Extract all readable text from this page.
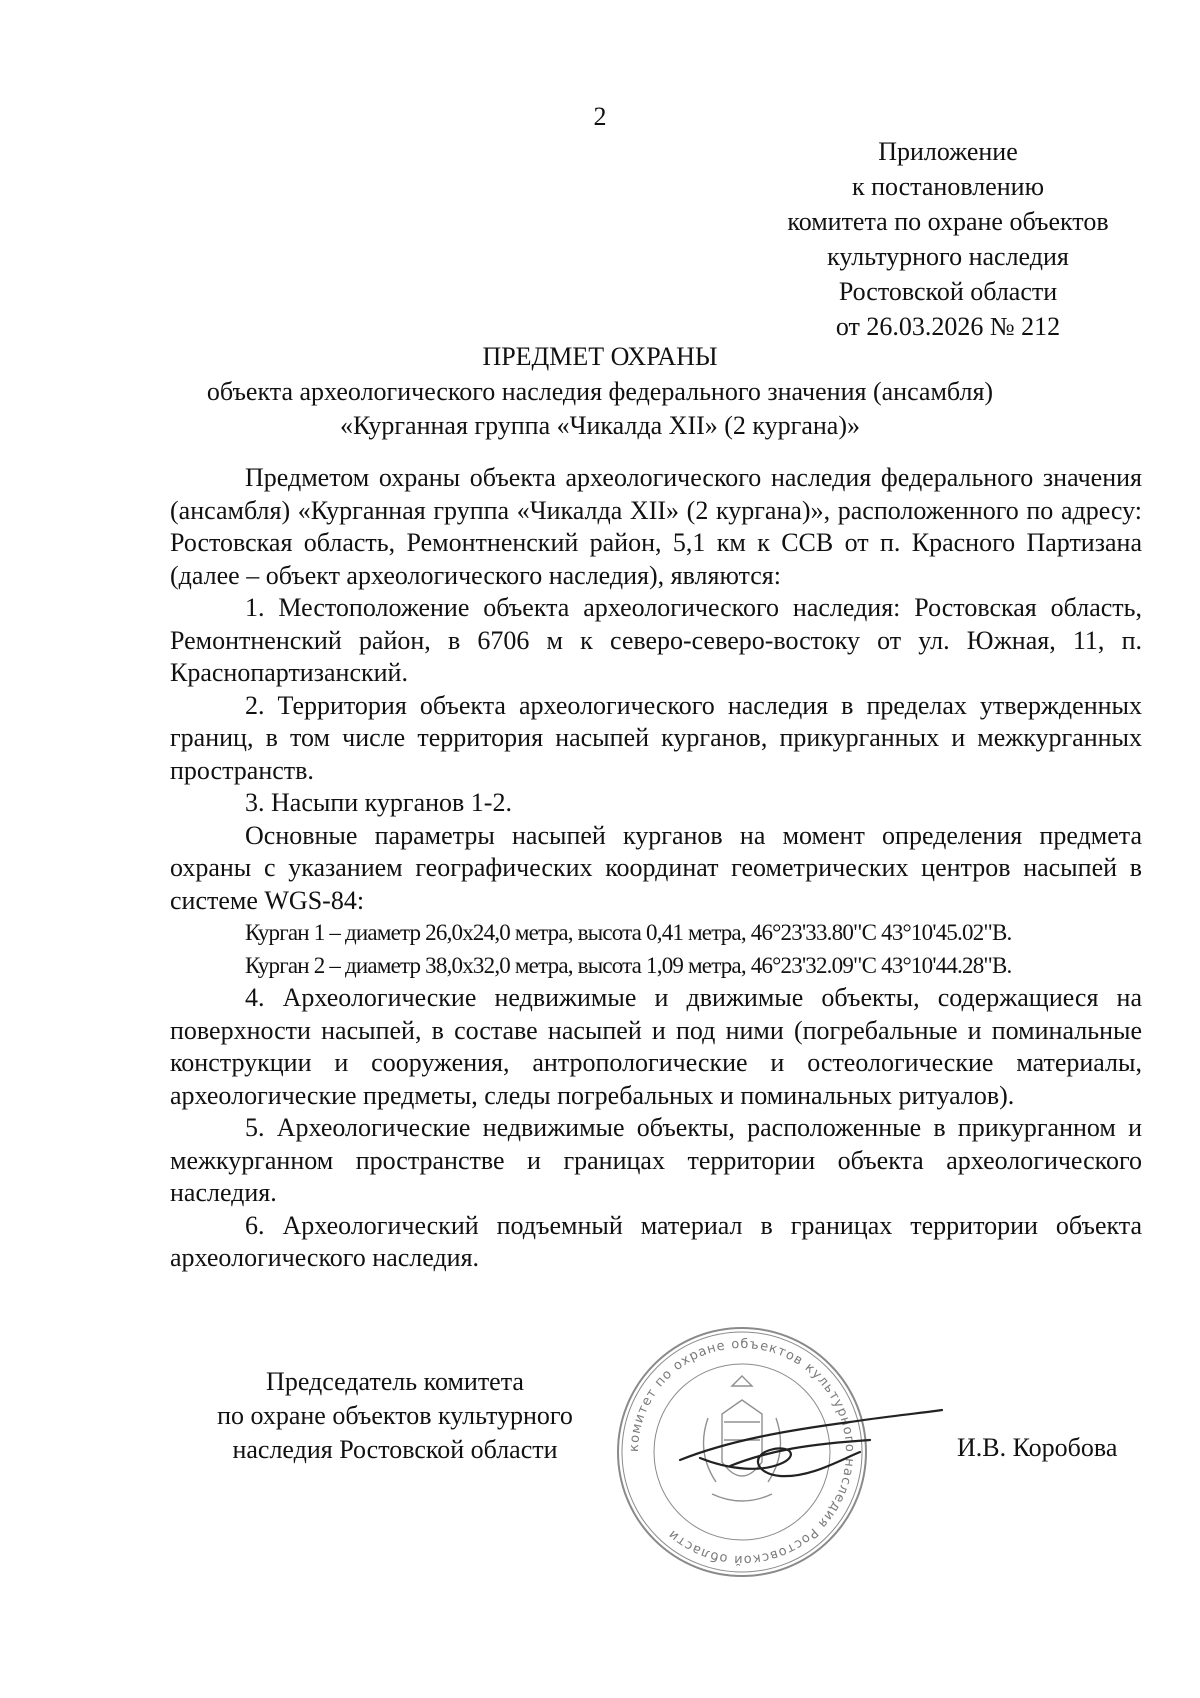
2
Приложение
к постановлению
комитета по охране объектов
культурного наследия
Ростовской области
от 26.03.2026 № 212
ПРЕДМЕТ ОХРАНЫ
объекта археологического наследия федерального значения (ансамбля)
«Курганная группа «Чикалда XII» (2 кургана)»

Предметом охраны объекта археологического наследия федерального значения (ансамбля) «Курганная группа «Чикалда XII» (2 кургана)», расположенного по адресу: Ростовская область, Ремонтненский район, 5,1 км к ССВ от п. Красного Партизана (далее – объект археологического наследия), являются:

1. Местоположение объекта археологического наследия: Ростовская область, Ремонтненский район, в 6706 м к северо-северо-востоку от ул. Южная, 11, п. Краснопартизанский.

2. Территория объекта археологического наследия в пределах утвержденных границ, в том числе территория насыпей курганов, прикурганных и межкурганных пространств.

3. Насыпи курганов 1-2.

Основные параметры насыпей курганов на момент определения предмета охраны с указанием географических координат геометрических центров насыпей в системе WGS-84:

Курган 1 – диаметр 26,0х24,0 метра, высота 0,41 метра, 46°23'33.80"С 43°10'45.02"В.

Курган 2 – диаметр 38,0х32,0 метра, высота 1,09 метра, 46°23'32.09"С 43°10'44.28"В.

4. Археологические недвижимые и движимые объекты, содержащиеся на поверхности насыпей, в составе насыпей и под ними (погребальные и поминальные конструкции и сооружения, антропологические и остеологические материалы, археологические предметы, следы погребальных и поминальных ритуалов).

5. Археологические недвижимые объекты, расположенные в прикурганном и межкурганном пространстве и границах территории объекта археологического наследия.

6. Археологический подъемный материал в границах территории объекта археологического наследия.

Председатель комитета
по охране объектов культурного
наследия Ростовской области	комитет по охране объектов культурного наследия Ростовской области
И.В. Коробова
